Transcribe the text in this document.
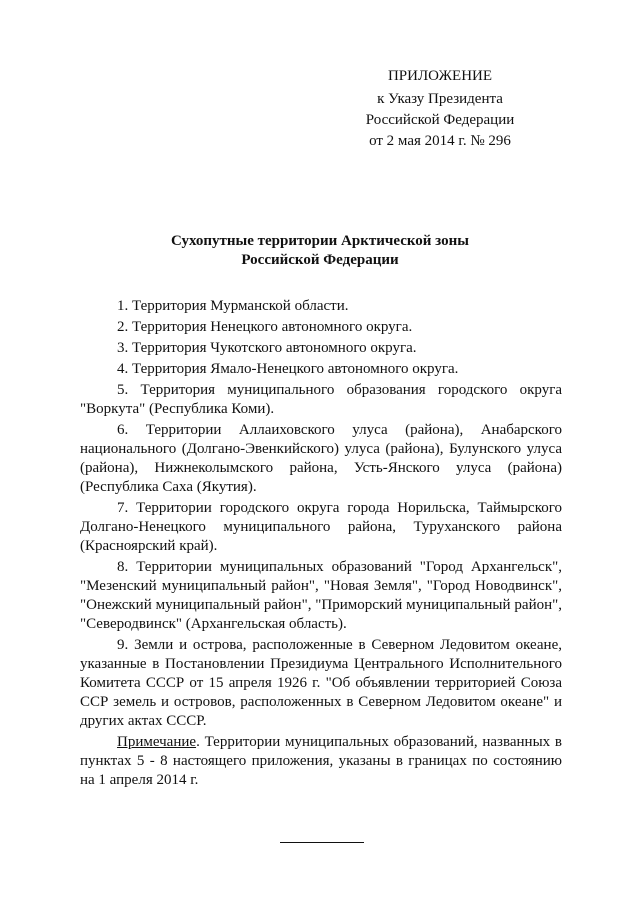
ПРИЛОЖЕНИЕ
к Указу Президента
Российской Федерации
от 2 мая 2014 г. № 296
Сухопутные территории Арктической зоны
Российской Федерации

1. Территория Мурманской области.

2. Территория Ненецкого автономного округа.

3. Территория Чукотского автономного округа.

4. Территория Ямало-Ненецкого автономного округа.

5. Территория муниципального образования городского округа "Воркута" (Республика Коми).

6. Территории Аллаиховского улуса (района), Анабарского национального (Долгано-Эвенкийского) улуса (района), Булунского улуса (района), Нижнеколымского района, Усть-Янского улуса (района) (Республика Саха (Якутия).

7. Территории городского округа города Норильска, Таймырского Долгано-Ненецкого муниципального района, Туруханского района (Красноярский край).

8. Территории муниципальных образований "Город Архангельск", "Мезенский муниципальный район", "Новая Земля", "Город Новодвинск", "Онежский муниципальный район", "Приморский муниципальный район", "Северодвинск" (Архангельская область).

9. Земли и острова, расположенные в Северном Ледовитом океане, указанные в Постановлении Президиума Центрального Исполнительного Комитета СССР от 15 апреля 1926 г. "Об объявлении территорией Союза ССР земель и островов, расположенных в Северном Ледовитом океане" и других актах СССР.

Примечание. Территории муниципальных образований, названных в пунктах 5 - 8 настоящего приложения, указаны в границах по состоянию на 1 апреля 2014 г.
